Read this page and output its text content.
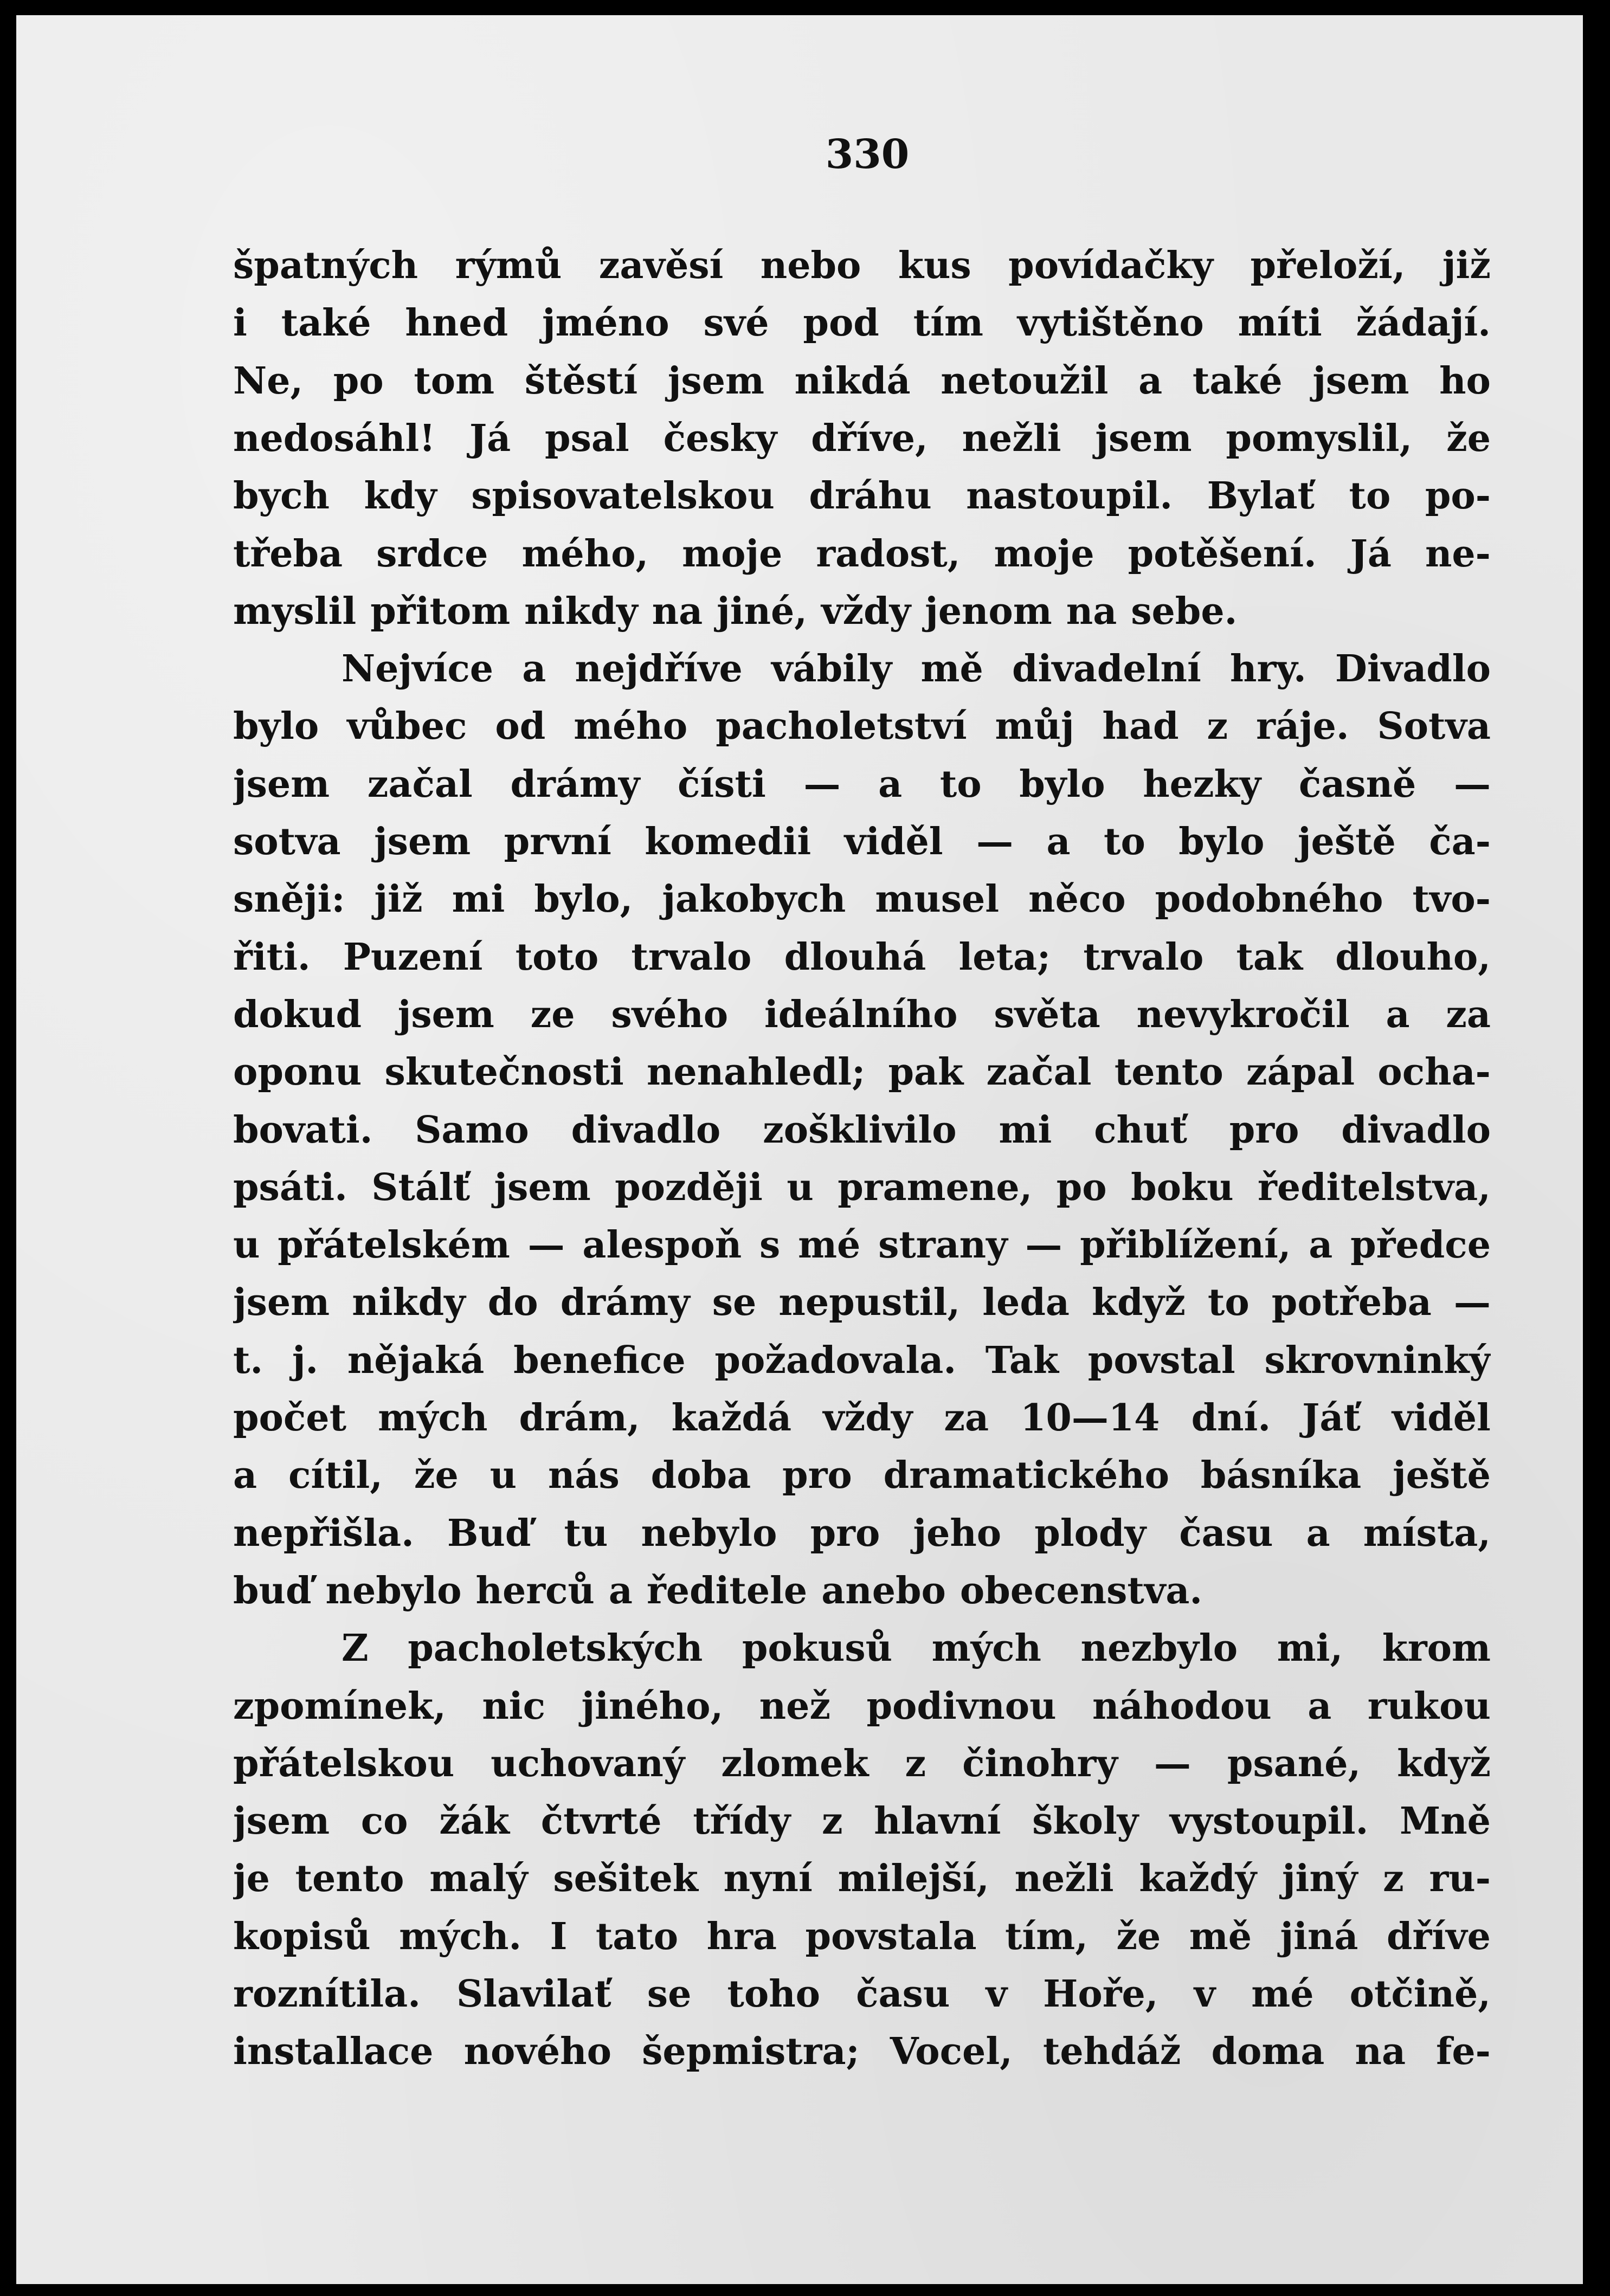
330
špatných rýmů zavěsí nebo kus povídačky přeloží, již
i také hned jméno své pod tím vytištěno míti žádají.
Ne, po tom štěstí jsem nikdá netoužil a také jsem ho
nedosáhl! Já psal česky dříve, nežli jsem pomyslil, že
bych kdy spisovatelskou dráhu nastoupil. Bylať to po-
třeba srdce mého, moje radost, moje potěšení. Já ne-
myslil přitom nikdy na jiné, vždy jenom na sebe.
Nejvíce a nejdříve vábily mě divadelní hry. Divadlo
bylo vůbec od mého pacholetství můj had z ráje. Sotva
jsem začal drámy čísti — a to bylo hezky časně —
sotva jsem první komedii viděl — a to bylo ještě ča-
sněji: již mi bylo, jakobych musel něco podobného tvo-
řiti. Puzení toto trvalo dlouhá leta; trvalo tak dlouho,
dokud jsem ze svého ideálního světa nevykročil a za
oponu skutečnosti nenahledl; pak začal tento zápal ocha-
bovati. Samo divadlo zošklivilo mi chuť pro divadlo
psáti. Stálť jsem později u pramene, po boku ředitelstva,
u přátelském — alespoň s mé strany — přiblížení, a předce
jsem nikdy do drámy se nepustil, leda když to potřeba —
t. j. nějaká benefice požadovala. Tak povstal skrovninký
počet mých drám, každá vždy za 10—14 dní. Jáť viděl
a cítil, že u nás doba pro dramatického básníka ještě
nepřišla. Buď tu nebylo pro jeho plody času a místa,
buď nebylo herců a ředitele anebo obecenstva.
Z pacholetských pokusů mých nezbylo mi, krom
zpomínek, nic jiného, než podivnou náhodou a rukou
přátelskou uchovaný zlomek z činohry — psané, když
jsem co žák čtvrté třídy z hlavní školy vystoupil. Mně
je tento malý sešitek nyní milejší, nežli každý jiný z ru-
kopisů mých. I tato hra povstala tím, že mě jiná dříve
roznítila. Slavilať se toho času v Hoře, v mé otčině,
installace nového šepmistra; Vocel, tehdáž doma na fe-
